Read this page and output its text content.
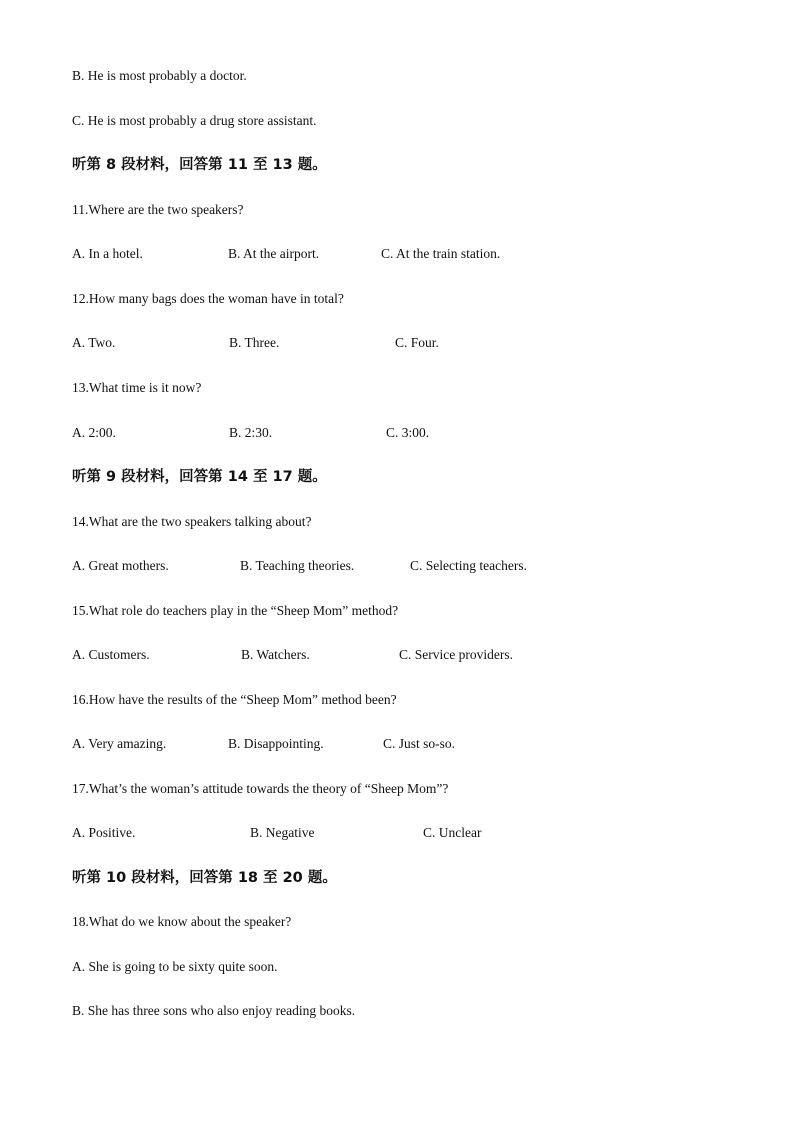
B. He is most probably a doctor.
C. He is most probably a drug store assistant.
听第 8 段材料，回答第 11 至 13 题。
11.Where are the two speakers?
A. In a hotel.	B. At the airport.	C. At the train station.
12.How many bags does the woman have in total?
A. Two.	B. Three.	C. Four.
13.What time is it now?
A. 2:00.	B. 2:30.	C. 3:00.
听第 9 段材料，回答第 14 至 17 题。
14.What are the two speakers talking about?
A. Great mothers.	B. Teaching theories.	C. Selecting teachers.
15.What role do teachers play in the “Sheep Mom” method?
A. Customers.	B. Watchers.	C. Service providers.
16.How have the results of the “Sheep Mom” method been?
A. Very amazing.	B. Disappointing.	C. Just so-so.
17.What’s the woman’s attitude towards the theory of “Sheep Mom”?
A. Positive.	B. Negative	C. Unclear
听第 10 段材料，回答第 18 至 20 题。
18.What do we know about the speaker?
A. She is going to be sixty quite soon.
B. She has three sons who also enjoy reading books.
